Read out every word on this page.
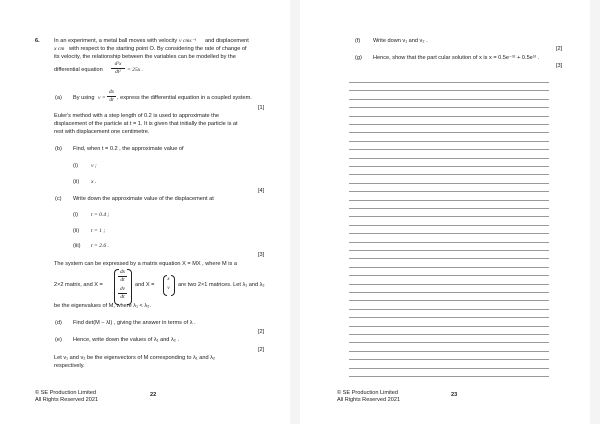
6.	In an experiment, a metal ball moves with velocity v cms⁻¹ and displacement
x cm with respect to the starting point O. By considering the rate of change of
its velocity, the relationship between the variables can be modelled by the
differential equation
d²x
dt²	= 25x .
(a) By using v =
dx
dt , express the differential equation in a coupled system.
[1]
Euler's method with a step length of 0.2 is used to approximate the
displacement of the particle at t = 1. It is given that initially the particle is at
rest with displacement one centimetre.
(b) Find, when t = 0.2 , the approximate value of
(i) v ;
(ii) x .
[4]
(c) Write down the approximate value of the displacement at
(i) t = 0.4 ;
(ii) t = 1 ;
(iii) t = 2.6 .
[3]
The system can be expressed by a matrix equation X = MX , where M is a
2×2 matrix, and X =
dx
dt
dv
dt
and X =
x
v	are two 2×1 matrices. Let λ₁ and λ₂
be the eigenvalues of M, where λ₁ < λ₂.
(d) Find det(M − λI) , giving the answer in terms of λ .
[2]
(e) Hence, write down the values of λ₁ and λ₂ .
[2]
Let v₁ and v₂ be the eigenvectors of M corresponding to λ₁ and λ₂
respectively.
© SE Production Limited
All Rights Reserved 2021
22
(f) Write down v₁ and v₂ .
[2]
(g) Hence, show that the part cular solution of x is x = 0.5e⁻⁵ᵗ + 0.5e⁵ᵗ .
[3]
© SE Production Limited
All Rights Reserved 2021
23
